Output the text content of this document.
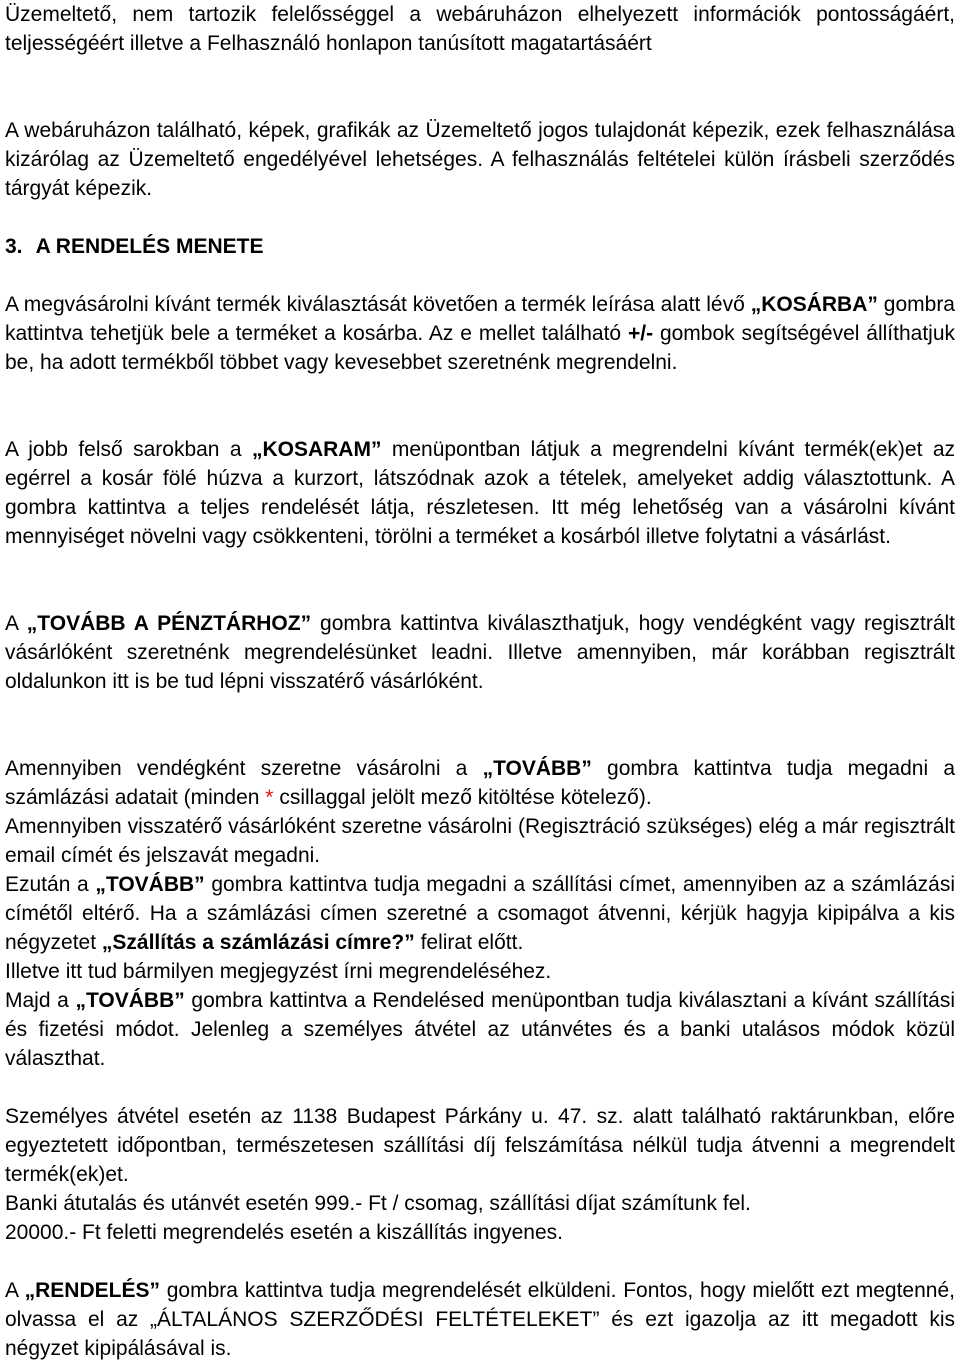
Üzemeltető, nem tartozik felelősséggel a webáruházon elhelyezett információk pontosságáért, teljességéért illetve a Felhasználó honlapon tanúsított magatartásáért

A webáruházon található, képek, grafikák az Üzemeltető jogos tulajdonát képezik, ezek felhasználása kizárólag az Üzemeltető engedélyével lehetséges. A felhasználás feltételei külön írásbeli szerződés tárgyát képezik.

3. A RENDELÉS MENETE

A megvásárolni kívánt termék kiválasztását követően a termék leírása alatt lévő „KOSÁRBA” gombra kattintva tehetjük bele a terméket a kosárba. Az e mellet található +/- gombok segítségével állíthatjuk be, ha adott termékből többet vagy kevesebbet szeretnénk megrendelni.

A jobb felső sarokban a „KOSARAM” menüpontban látjuk a megrendelni kívánt termék(ek)et az egérrel a kosár fölé húzva a kurzort, látszódnak azok a tételek, amelyeket addig választottunk. A gombra kattintva a teljes rendelését látja, részletesen. Itt még lehetőség van a vásárolni kívánt mennyiséget növelni vagy csökkenteni, törölni a terméket a kosárból illetve folytatni a vásárlást.

A „TOVÁBB A PÉNZTÁRHOZ” gombra kattintva kiválaszthatjuk, hogy vendégként vagy regisztrált vásárlóként szeretnénk megrendelésünket leadni. Illetve amennyiben, már korábban regisztrált oldalunkon itt is be tud lépni visszatérő vásárlóként.

Amennyiben vendégként szeretne vásárolni a „TOVÁBB” gombra kattintva tudja megadni a számlázási adatait (minden * csillaggal jelölt mező kitöltése kötelező).

Amennyiben visszatérő vásárlóként szeretne vásárolni (Regisztráció szükséges) elég a már regisztrált email címét és jelszavát megadni.

Ezután a „TOVÁBB” gombra kattintva tudja megadni a szállítási címet, amennyiben az a számlázási címétől eltérő. Ha a számlázási címen szeretné a csomagot átvenni, kérjük hagyja kipipálva a kis négyzetet „Szállítás a számlázási címre?” felirat előtt.

Illetve itt tud bármilyen megjegyzést írni megrendeléséhez.

Majd a „TOVÁBB” gombra kattintva a Rendelésed menüpontban tudja kiválasztani a kívánt szállítási és fizetési módot. Jelenleg a személyes átvétel az utánvétes és a banki utalásos módok közül választhat.

Személyes átvétel esetén az 1138 Budapest Párkány u. 47. sz. alatt található raktárunkban, előre egyeztetett időpontban, természetesen szállítási díj felszámítása nélkül tudja átvenni a megrendelt termék(ek)et.

Banki átutalás és utánvét esetén 999.- Ft / csomag, szállítási díjat számítunk fel.

20000.- Ft feletti megrendelés esetén a kiszállítás ingyenes.

A „RENDELÉS” gombra kattintva tudja megrendelését elküldeni. Fontos, hogy mielőtt ezt megtenné, olvassa el az „ÁLTALÁNOS SZERZŐDÉSI FELTÉTELEKET” és ezt igazolja az itt megadott kis négyzet kipipálásával is.
